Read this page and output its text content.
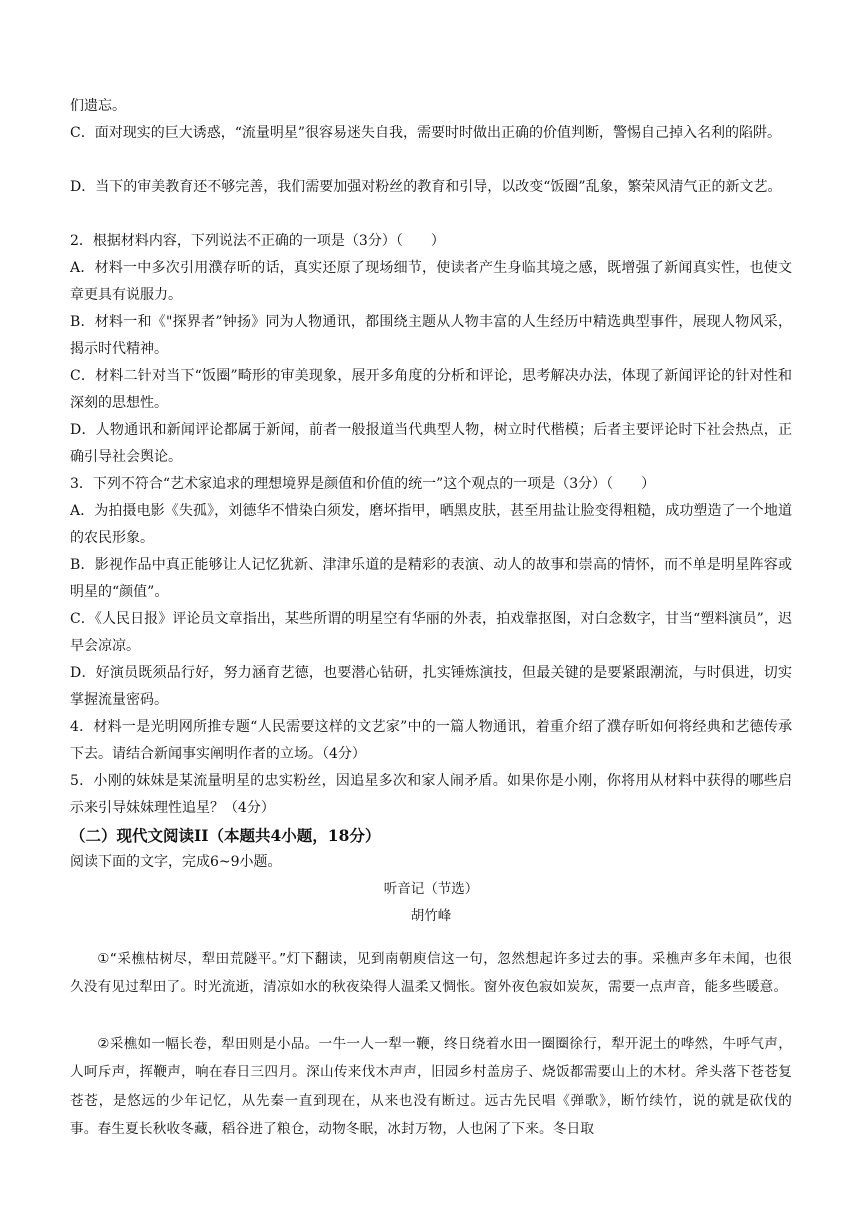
们遗忘。

C．面对现实的巨大诱惑，“流量明星”很容易迷失自我，需要时时做出正确的价值判断，警惕自己掉入名利的陷阱。

D．当下的审美教育还不够完善，我们需要加强对粉丝的教育和引导，以改变“饭圈”乱象，繁荣风清气正的新文艺。

2．根据材料内容，下列说法不正确的一项是（3分）（　　）

A．材料一中多次引用濮存昕的话，真实还原了现场细节，使读者产生身临其境之感，既增强了新闻真实性，也使文章更具有说服力。

B．材料一和《"探界者”钟扬》同为人物通讯，都围绕主题从人物丰富的人生经历中精选典型事件，展现人物风采，揭示时代精神。

C．材料二针对当下“饭圈”畸形的审美现象，展开多角度的分析和评论，思考解决办法，体现了新闻评论的针对性和深刻的思想性。

D．人物通讯和新闻评论都属于新闻，前者一般报道当代典型人物，树立时代楷模；后者主要评论时下社会热点，正确引导社会舆论。

3．下列不符合“艺术家追求的理想境界是颜值和价值的统一”这个观点的一项是（3分）（　　）

A．为拍摄电影《失孤》，刘德华不惜染白须发，磨坏指甲，晒黑皮肤，甚至用盐让脸变得粗糙，成功塑造了一个地道的农民形象。

B．影视作品中真正能够让人记忆犹新、津津乐道的是精彩的表演、动人的故事和崇高的情怀，而不单是明星阵容或明星的“颜值”。

C．《人民日报》评论员文章指出，某些所谓的明星空有华丽的外表，拍戏靠抠图，对白念数字，甘当“塑料演员”，迟早会凉凉。

D．好演员既须品行好，努力涵育艺德，也要潜心钻研，扎实锤炼演技，但最关键的是要紧跟潮流，与时俱进，切实掌握流量密码。

4．材料一是光明网所推专题“人民需要这样的文艺家”中的一篇人物通讯，着重介绍了濮存昕如何将经典和艺德传承下去。请结合新闻事实阐明作者的立场。（4分）

5．小刚的妹妹是某流量明星的忠实粉丝，因追星多次和家人闹矛盾。如果你是小刚，你将用从材料中获得的哪些启示来引导妹妹理性追星？（4分）

（二）现代文阅读II（本题共4小题，18分）

阅读下面的文字，完成6~9小题。

听音记（节选）
胡竹峰

①“采樵枯树尽，犁田荒隧平。”灯下翻读，见到南朝庾信这一句，忽然想起许多过去的事。采樵声多年未闻，也很久没有见过犁田了。时光流逝，清凉如水的秋夜染得人温柔又惆怅。窗外夜色寂如炭灰，需要一点声音，能多些暖意。

②采樵如一幅长卷，犁田则是小品。一牛一人一犁一鞭，终日绕着水田一圈圈徐行，犁开泥土的哗然，牛呼气声，人呵斥声，挥鞭声，响在春日三四月。深山传来伐木声声，旧园乡村盖房子、烧饭都需要山上的木材。斧头落下苍苍复苍苍，是悠远的少年记忆，从先秦一直到现在，从来也没有断过。远古先民唱《弹歌》，断竹续竹，说的就是砍伐的事。春生夏长秋收冬藏，稻谷进了粮仓，动物冬眠，冰封万物，人也闲了下来。冬日取
